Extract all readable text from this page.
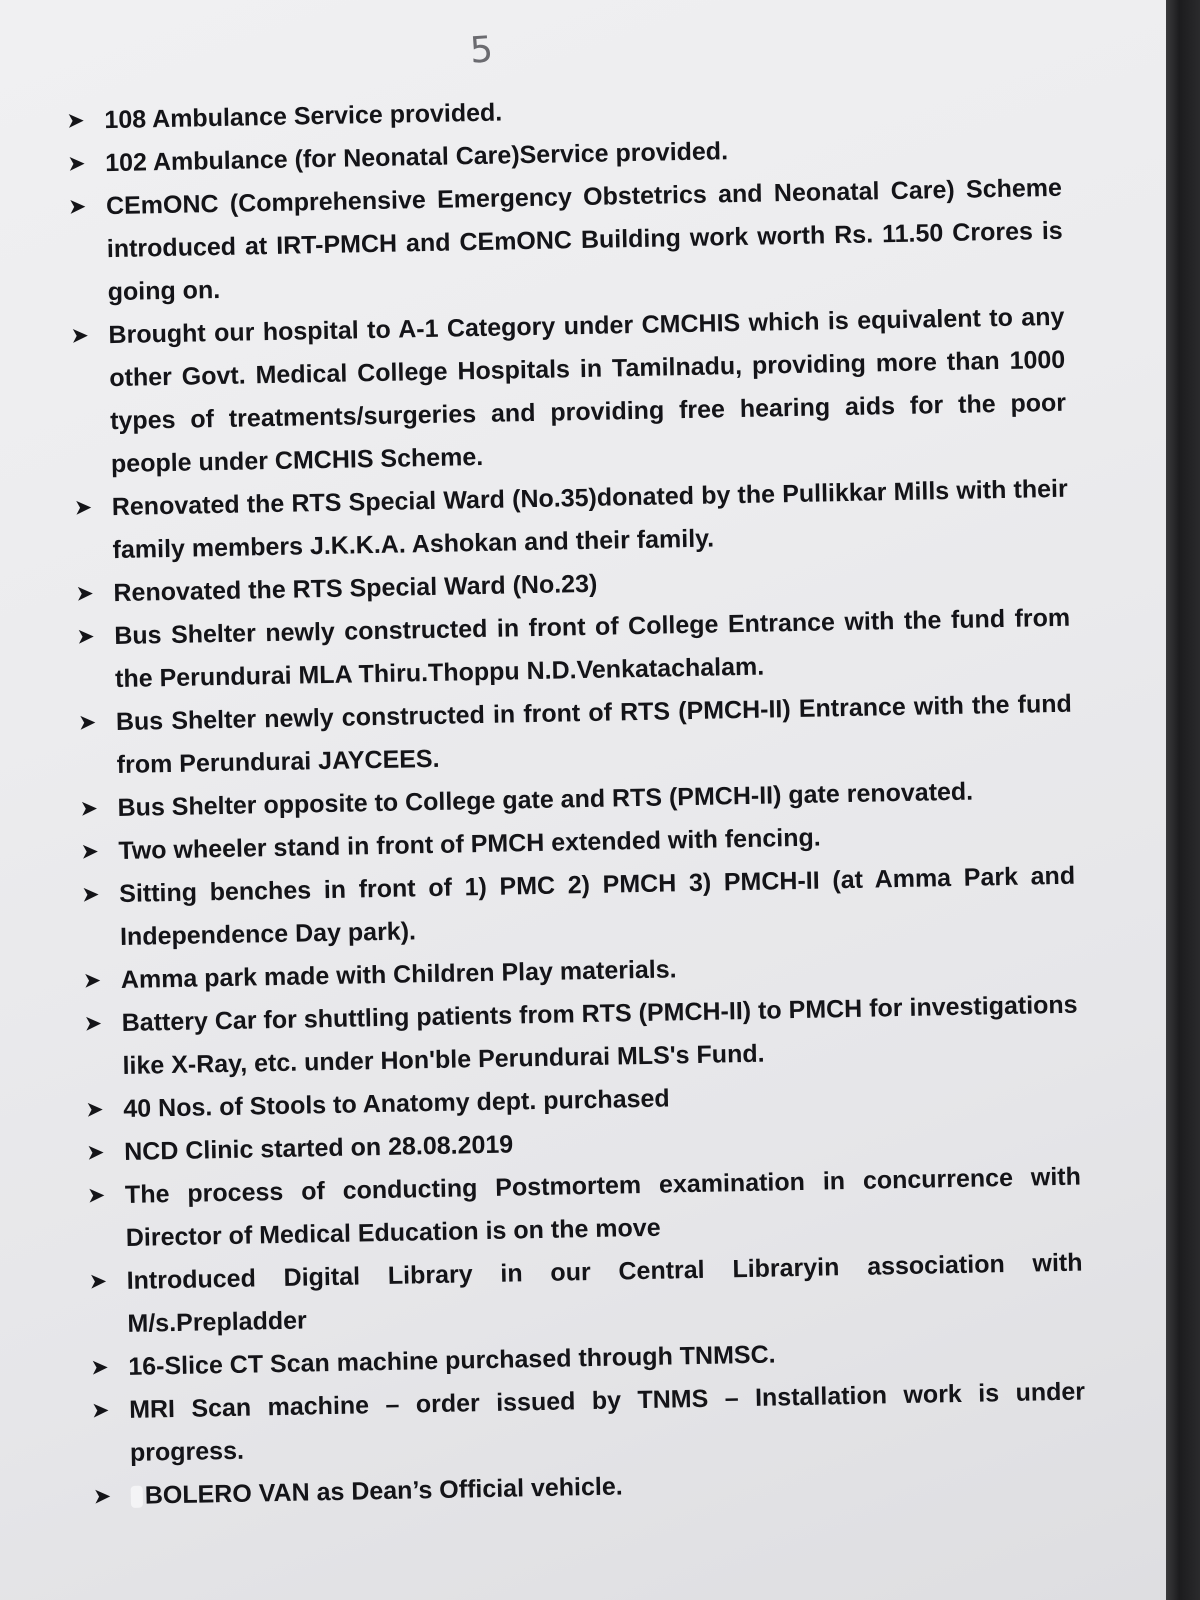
5
➤ 108 Ambulance Service provided.
➤ 102 Ambulance (for Neonatal Care)Service provided.
➤ CEmONC (Comprehensive Emergency Obstetrics and Neonatal Care) Scheme introduced at IRT-PMCH and CEmONC Building work worth Rs. 11.50 Crores is going on.
➤ Brought our hospital to A-1 Category under CMCHIS which is equivalent to any other Govt. Medical College Hospitals in Tamilnadu, providing more than 1000 types of treatments/surgeries and providing free hearing aids for the poor people under CMCHIS Scheme.
➤ Renovated the RTS Special Ward (No.35)donated by the Pullikkar Mills with their family members J.K.K.A. Ashokan and their family.
➤ Renovated the RTS Special Ward (No.23)
➤ Bus Shelter newly constructed in front of College Entrance with the fund from the Perundurai MLA Thiru.Thoppu N.D.Venkatachalam.
➤ Bus Shelter newly constructed in front of RTS (PMCH-II) Entrance with the fund from Perundurai JAYCEES.
➤ Bus Shelter opposite to College gate and RTS (PMCH-II) gate renovated.
➤ Two wheeler stand in front of PMCH extended with fencing.
➤ Sitting benches in front of 1) PMC 2) PMCH 3) PMCH-II (at Amma Park and Independence Day park).
➤ Amma park made with Children Play materials.
➤ Battery Car for shuttling patients from RTS (PMCH-II) to PMCH for investigations like X-Ray, etc. under Hon'ble Perundurai MLS's Fund.
➤ 40 Nos. of Stools to Anatomy dept. purchased
➤ NCD Clinic started on 28.08.2019
➤ The process of conducting Postmortem examination in concurrence with Director of Medical Education is on the move
➤ Introduced Digital Library in our Central Libraryin association with M/s.Prepladder
➤ 16-Slice CT Scan machine purchased through TNMSC.
➤ MRI Scan machine – order issued by TNMS – Installation work is under progress.
➤ BOLERO VAN as Dean’s Official vehicle.
